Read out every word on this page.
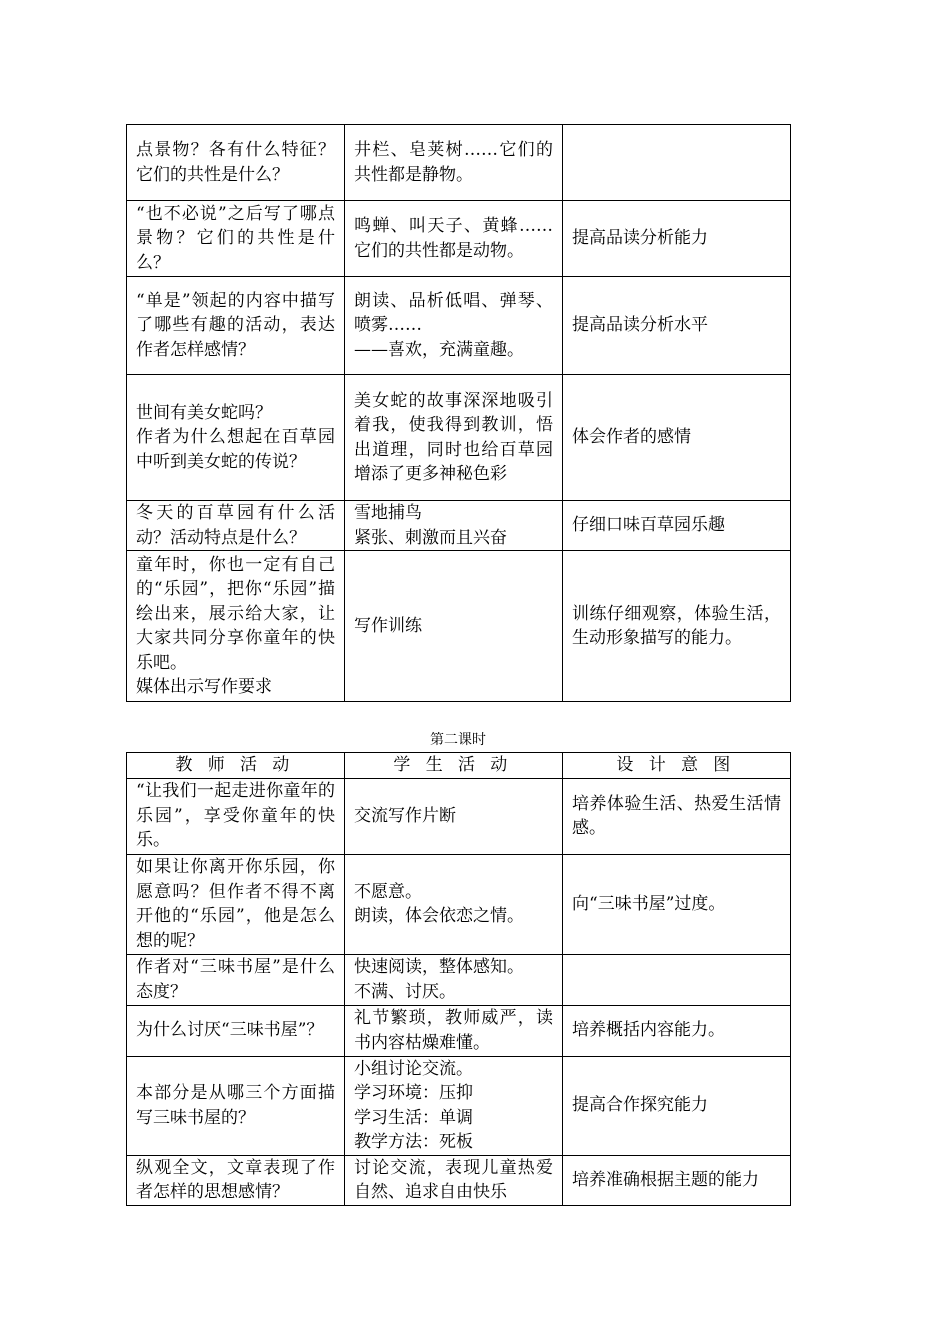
点景物？各有什么特征？它们的共性是什么？	井栏、皂荚树……它们的共性都是静物。	

“也不必说”之后写了哪点景物？它们的共性是什么？	鸣蝉、叫天子、黄蜂……它们的共性都是动物。	提高品读分析能力

“单是”领起的内容中描写了哪些有趣的活动，表达作者怎样感情？	朗读、品析低唱、弹琴、喷雾……
——喜欢，充满童趣。	提高品读分析水平

世间有美女蛇吗？
作者为什么想起在百草园中听到美女蛇的传说？	美女蛇的故事深深地吸引着我，使我得到教训，悟出道理，同时也给百草园增添了更多神秘色彩	体会作者的感情

冬天的百草园有什么活动？活动特点是什么？	雪地捕鸟
紧张、刺激而且兴奋	仔细口味百草园乐趣

童年时，你也一定有自己的“乐园”，把你“乐园”描绘出来，展示给大家，让大家共同分享你童年的快乐吧。
媒体出示写作要求	写作训练	训练仔细观察，体验生活，生动形象描写的能力。
第二课时
教师活动	学生活动	设计意图

“让我们一起走进你童年的乐园”，享受你童年的快乐。	交流写作片断	培养体验生活、热爱生活情感。

如果让你离开你乐园，你愿意吗？但作者不得不离开他的“乐园”，他是怎么想的呢？	不愿意。
朗读，体会依恋之情。	向“三味书屋”过度。

作者对“三味书屋”是什么态度？	快速阅读，整体感知。
不满、讨厌。	

为什么讨厌“三味书屋”？	礼节繁琐，教师威严，读书内容枯燥难懂。	培养概括内容能力。

本部分是从哪三个方面描写三味书屋的？	小组讨论交流。
学习环境：压抑
学习生活：单调
教学方法：死板	提高合作探究能力

纵观全文，文章表现了作者怎样的思想感情？	讨论交流，表现儿童热爱自然、追求自由快乐	培养准确根据主题的能力
